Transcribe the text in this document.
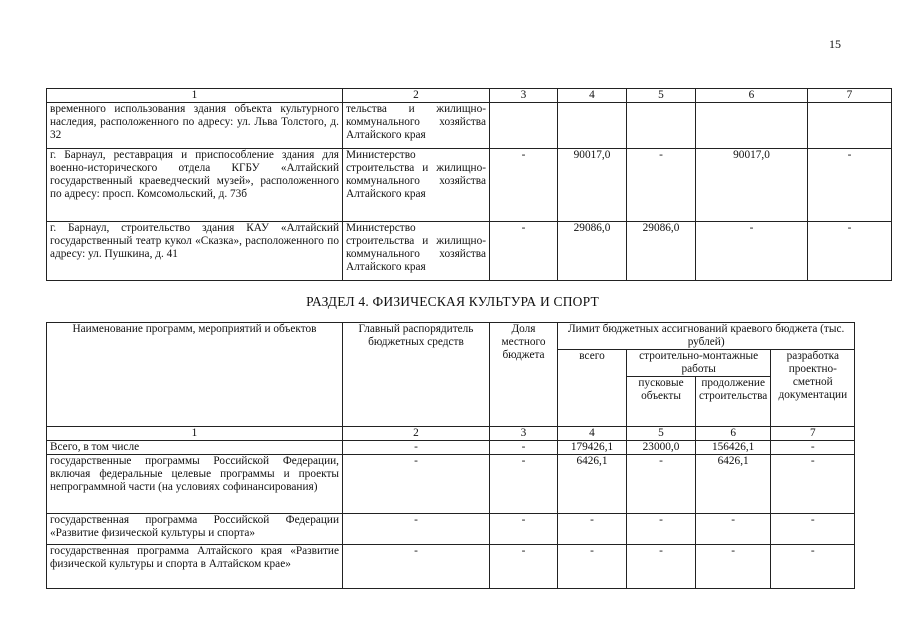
15
1	2	3	4	5	6	7
временного использования здания объекта культурного наследия, расположенного по адресу: ул. Льва Толстого, д. 32	тельства и жилищно-коммунального хозяйства Алтайского края					
г. Барнаул, реставрация и приспособление здания для военно-исторического отдела КГБУ «Алтайский государственный краеведческий музей», расположенного по адресу: просп. Комсомольский, д. 73б	Министерство строительства и жилищно-коммунального хозяйства Алтайского края	-	90017,0	-	90017,0	-
г. Барнаул, строительство здания КАУ «Алтайский государственный театр кукол «Сказка», расположенного по адресу: ул. Пушкина, д. 41	Министерство строительства и жилищно-коммунального хозяйства Алтайского края	-	29086,0	29086,0	-	-
РАЗДЕЛ 4. ФИЗИЧЕСКАЯ КУЛЬТУРА И СПОРТ
Наименование программ, мероприятий и объектов	Главный распорядитель бюджетных средств	Доля местного бюджета	Лимит бюджетных ассигнований краевого бюджета (тыс. рублей)			
			всего	строительно-монтажные работы		разработка проектно-сметной документации

				пусковые объекты	продолжение строительства	
1	2	3	4	5	6	7
Всего, в том числе	-	-	179426,1	23000,0	156426,1	-
государственные программы Российской Федерации, включая федеральные целевые программы и проекты непрограммной части (на условиях софинансирования)	-	-	6426,1	-	6426,1	-
государственная программа Российской Федерации «Развитие физической культуры и спорта»	-	-	-	-	-	-
государственная программа Алтайского края «Развитие физической культуры и спорта в Алтайском крае»	-	-	-	-	-	-
